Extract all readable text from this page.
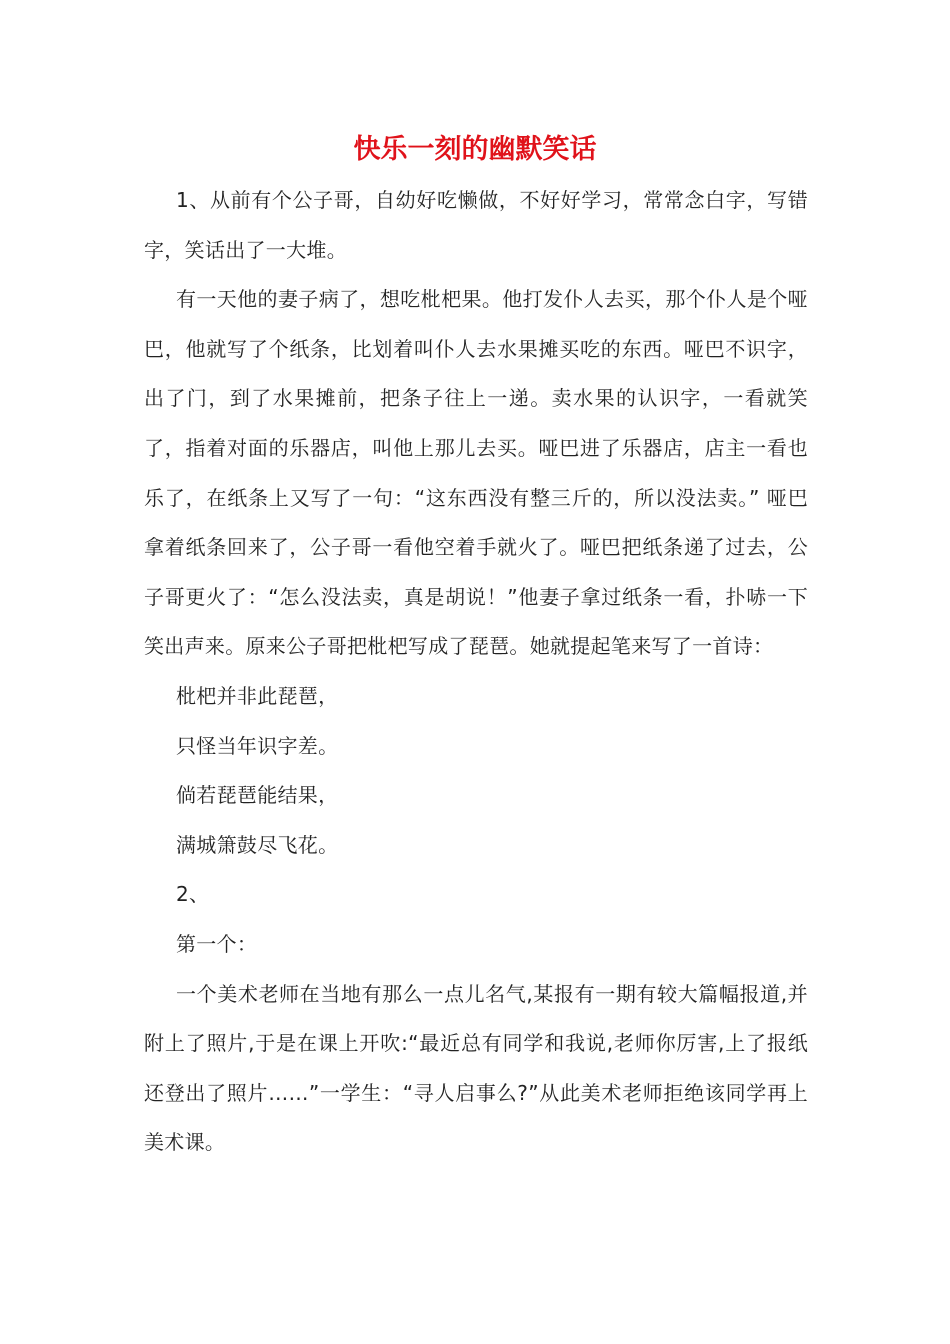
快乐一刻的幽默笑话

1、从前有个公子哥，自幼好吃懒做，不好好学习，常常念白字，写错字，笑话出了一大堆。

有一天他的妻子病了，想吃枇杷果。他打发仆人去买，那个仆人是个哑巴，他就写了个纸条，比划着叫仆人去水果摊买吃的东西。哑巴不识字，出了门，到了水果摊前，把条子往上一递。卖水果的认识字，一看就笑了，指着对面的乐器店，叫他上那儿去买。哑巴进了乐器店，店主一看也乐了，在纸条上又写了一句：“这东西没有整三斤的，所以没法卖。” 哑巴拿着纸条回来了，公子哥一看他空着手就火了。哑巴把纸条递了过去，公子哥更火了：“怎么没法卖，真是胡说！”他妻子拿过纸条一看，扑哧一下笑出声来。原来公子哥把枇杷写成了琵琶。她就提起笔来写了一首诗：

枇杷并非此琵琶，

只怪当年识字差。

倘若琵琶能结果，

满城箫鼓尽飞花。

2、

第一个：

一个美术老师在当地有那么一点儿名气,某报有一期有较大篇幅报道,并附上了照片,于是在课上开吹:“最近总有同学和我说,老师你厉害,上了报纸还登出了照片……”一学生：“寻人启事么?”从此美术老师拒绝该同学再上美术课。
